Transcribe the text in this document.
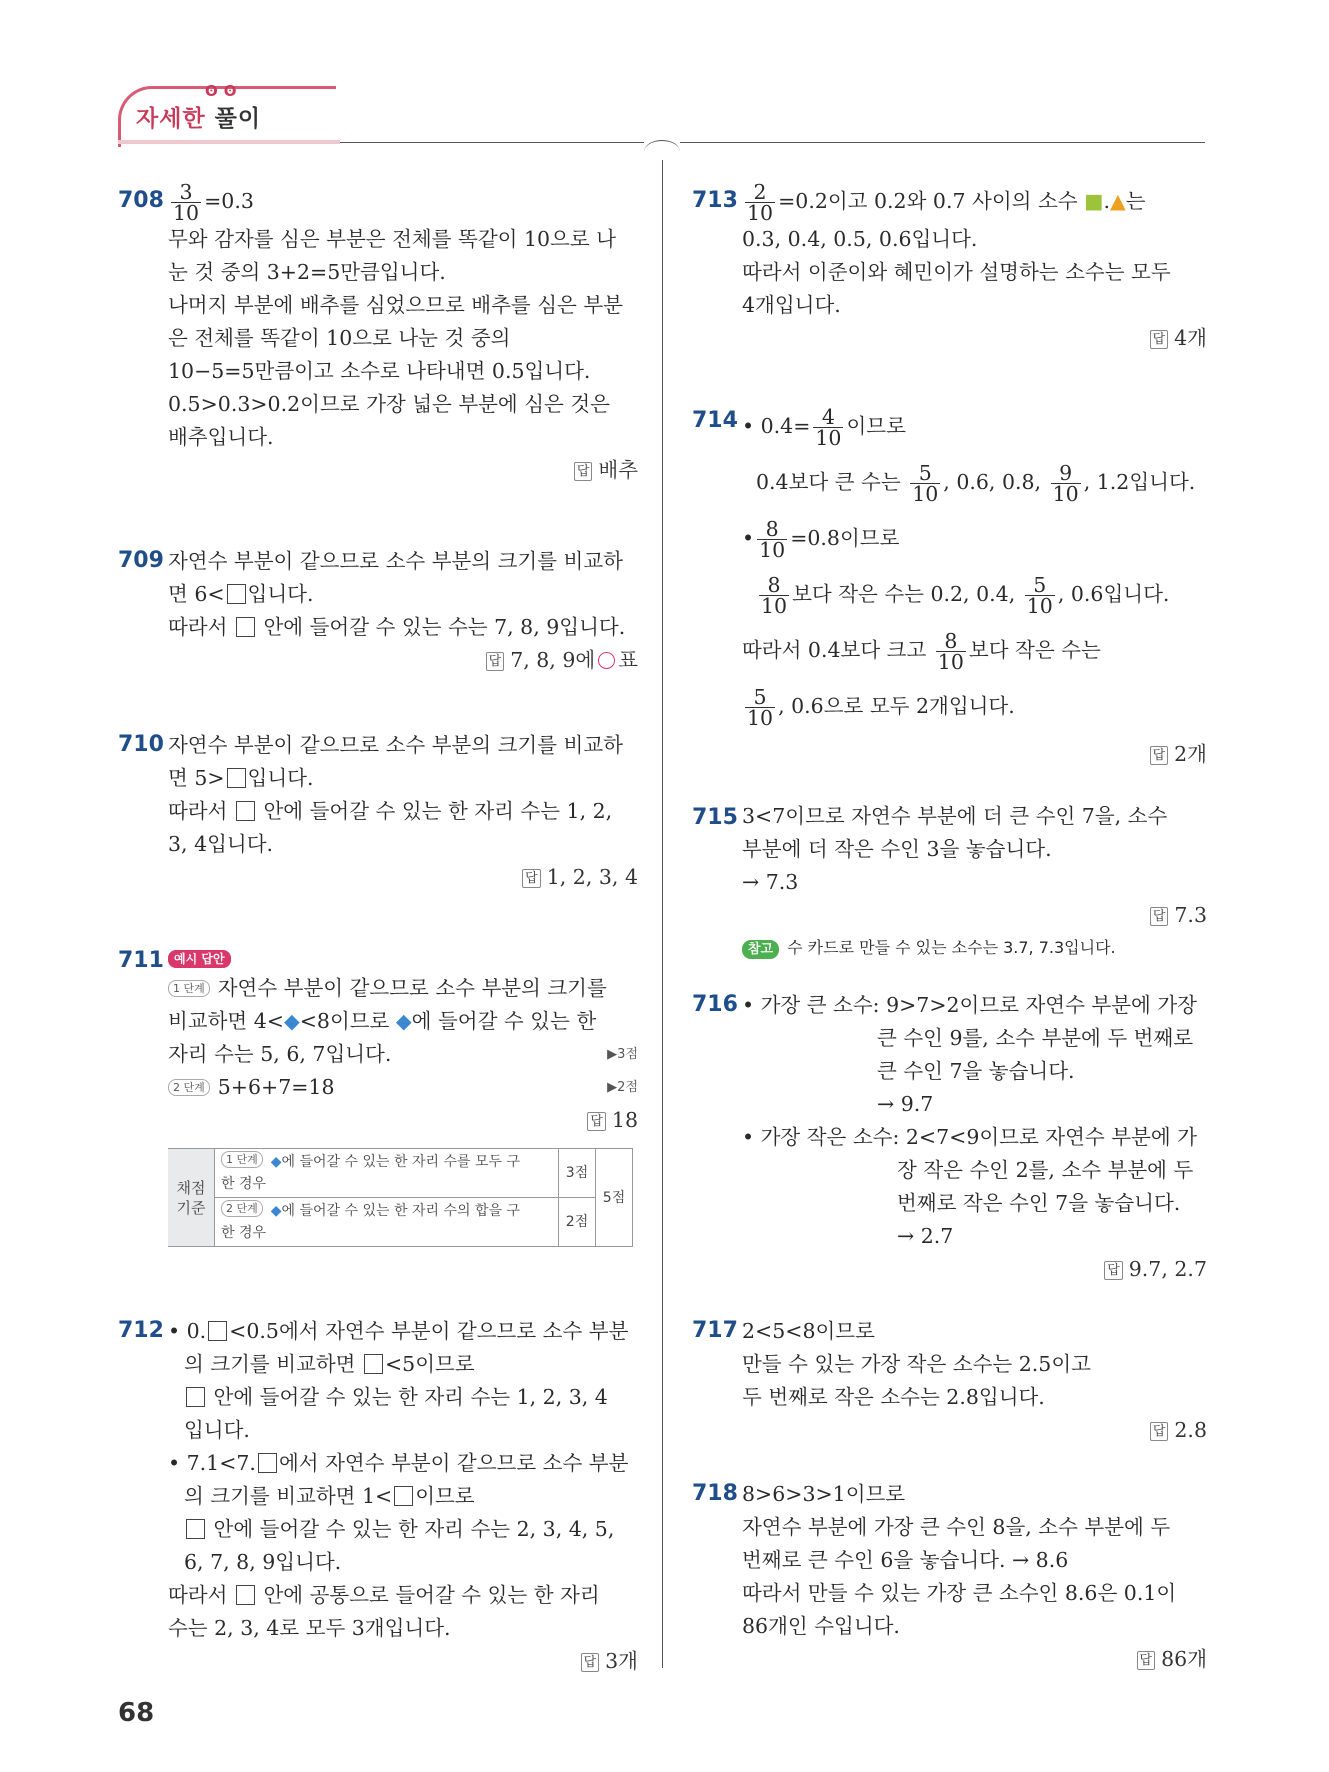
ʘʘ
자세한 풀이
$708 \frac{3}{10} =0.3$
무와 감자를 심은 부분은 전체를 똑같이 10으로 나
눈 것 중의 3+2=5만큼입니다.
나머지 부분에 배추를 심었으므로 배추를 심은 부분
은 전체를 똑같이 10으로 나눈 것 중의
10−5=5만큼이고 소수로 나타내면 0.5입니다.
0.5>0.3>0.2이므로 가장 넓은 부분에 심은 것은
배추입니다.
답 배추
709 자연수 부분이 같으므로 소수 부분의 크기를 비교하
면 6< 입니다.
따라서 안에 들어갈 수 있는 수는 7, 8, 9입니다.
답 7, 8, 9에 표
710 자연수 부분이 같으므로 소수 부분의 크기를 비교하
면 5> 입니다.
따라서 안에 들어갈 수 있는 한 자리 수는 1, 2,
3, 4입니다.
답 1, 2, 3, 4
711 예시 답안
1 단계 자연수 부분이 같으므로 소수 부분의 크기를
비교하면 4<◆<8이므로 ◆에 들어갈 수 있는 한
자리 수는 5, 6, 7입니다.	▶3점
2 단계 5+6+7=18	▶2점
답 18
채점 기준	1 단계 ◆에 들어갈 수 있는 한 자리 수를 모두 구
한 경우	3점	5점
	2 단계 ◆에 들어갈 수 있는 한 자리 수의 합을 구
한 경우	2점	
712 • 0. <0.5에서 자연수 부분이 같으므로 소수 부분
의 크기를 비교하면 <5이므로
안에 들어갈 수 있는 한 자리 수는 1, 2, 3, 4
입니다.
• 7.1<7. 에서 자연수 부분이 같으므로 소수 부분
의 크기를 비교하면 1< 이므로
안에 들어갈 수 있는 한 자리 수는 2, 3, 4, 5,
6, 7, 8, 9입니다.
따라서 안에 공통으로 들어갈 수 있는 한 자리
수는 2, 3, 4로 모두 3개입니다.
답 3개
$713 \frac{2}{10} =0.2$이고 0.2와 0.7 사이의 소수 ■.▲는
0.3, 0.4, 0.5, 0.6입니다.
따라서 이준이와 혜민이가 설명하는 소수는 모두
4개입니다.
답 4개
714 • $0.4= \frac{4}{10}$ 이므로
0.4보다 큰 수는 $\frac{5}{10}$ , 0.6, 0.8, $\frac{9}{10}$ , 1.2입니다.
• $\frac{8}{10} =0.8$이므로
$\frac{8}{10}$ 보다 작은 수는 0.2, 0.4, $\frac{5}{10}$ , 0.6입니다.
따라서 0.4보다 크고 $\frac{8}{10}$ 보다 작은 수는
$\frac{5}{10}$ , 0.6으로 모두 2개입니다.
답 2개
715 3<7이므로 자연수 부분에 더 큰 수인 7을, 소수
부분에 더 작은 수인 3을 놓습니다.
→ 7.3
답 7.3
참고 수 카드로 만들 수 있는 소수는 3.7, 7.3입니다.
716 • 가장 큰 소수: 9>7>2이므로 자연수 부분에 가장
큰 수인 9를, 소수 부분에 두 번째로
큰 수인 7을 놓습니다.
→ 9.7
• 가장 작은 소수: 2<7<9이므로 자연수 부분에 가
장 작은 수인 2를, 소수 부분에 두
번째로 작은 수인 7을 놓습니다.
→ 2.7
답 9.7, 2.7
717 2<5<8이므로
만들 수 있는 가장 작은 소수는 2.5이고
두 번째로 작은 소수는 2.8입니다.
답 2.8
718 8>6>3>1이므로
자연수 부분에 가장 큰 수인 8을, 소수 부분에 두
번째로 큰 수인 6을 놓습니다. → 8.6
따라서 만들 수 있는 가장 큰 소수인 8.6은 0.1이
86개인 수입니다.
답 86개
68
